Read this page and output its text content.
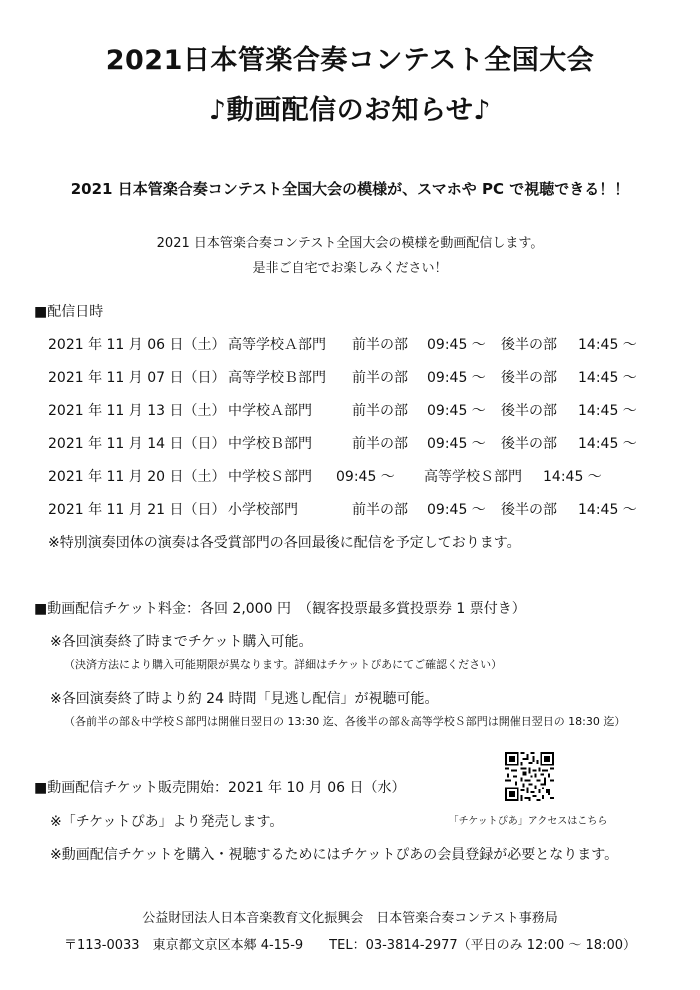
2021日本管楽合奏コンテスト全国大会
♪動画配信のお知らせ♪
2021 日本管楽合奏コンテスト全国大会の模様が、スマホや PC で視聴できる！！
2021 日本管楽合奏コンテスト全国大会の模様を動画配信します。
是非ご自宅でお楽しみください！
■配信日時
2021 年 11 月 06 日（土） 高等学校Ａ部門 前半の部 09:45 〜 後半の部 14:45 〜
2021 年 11 月 07 日（日） 高等学校Ｂ部門 前半の部 09:45 〜 後半の部 14:45 〜
2021 年 11 月 13 日（土） 中学校Ａ部門	前半の部 09:45 〜 後半の部 14:45 〜
2021 年 11 月 14 日（日） 中学校Ｂ部門	前半の部 09:45 〜 後半の部 14:45 〜
2021 年 11 月 20 日（土） 中学校Ｓ部門 09:45 〜 高等学校Ｓ部門 14:45 〜
2021 年 11 月 21 日（日） 小学校部門	前半の部 09:45 〜 後半の部 14:45 〜
※特別演奏団体の演奏は各受賞部門の各回最後に配信を予定しております。
■動画配信チケット料金：各回 2,000 円　（観客投票最多賞投票券 1 票付き）
※各回演奏終了時までチケット購入可能。
（決済方法により購入可能期限が異なります。詳細はチケットぴあにてご確認ください）
※各回演奏終了時より約 24 時間「見逃し配信」が視聴可能。
（各前半の部＆中学校Ｓ部門は開催日翌日の 13:30 迄、各後半の部＆高等学校Ｓ部門は開催日翌日の 18:30 迄）
■動画配信チケット販売開始：2021 年 10 月 06 日（水）
※「チケットぴあ」より発売します。
※動画配信チケットを購入・視聴するためにはチケットぴあの会員登録が必要となります。
「チケットぴあ」アクセスはこちら
公益財団法人日本音楽教育文化振興会　日本管楽合奏コンテスト事務局
〒113-0033　東京都文京区本郷 4-15-9　　TEL：03-3814-2977（平日のみ 12:00 〜 18:00）
